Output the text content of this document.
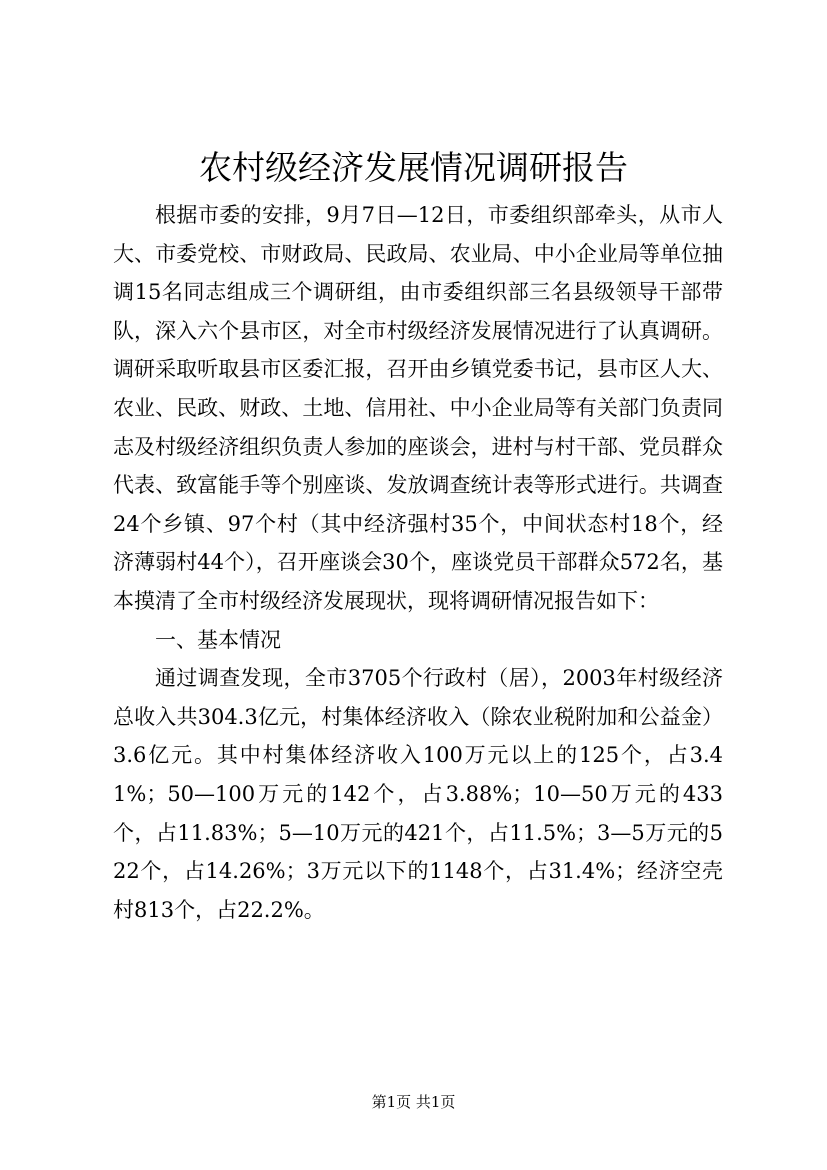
农村级经济发展情况调研报告

根据市委的安排，9月7日—12日，市委组织部牵头，从市人大、市委党校、市财政局、民政局、农业局、中小企业局等单位抽调15名同志组成三个调研组，由市委组织部三名县级领导干部带队，深入六个县市区，对全市村级经济发展情况进行了认真调研。调研采取听取县市区委汇报，召开由乡镇党委书记，县市区人大、农业、民政、财政、土地、信用社、中小企业局等有关部门负责同志及村级经济组织负责人参加的座谈会，进村与村干部、党员群众代表、致富能手等个别座谈、发放调查统计表等形式进行。共调查24个乡镇、97个村（其中经济强村35个，中间状态村18个，经济薄弱村44个），召开座谈会30个，座谈党员干部群众572名，基本摸清了全市村级经济发展现状，现将调研情况报告如下：

一、基本情况

通过调查发现，全市3705个行政村（居），2003年村级经济总收入共304.3亿元，村集体经济收入（除农业税附加和公益金）3.6亿元。其中村集体经济收入100万元以上的125个，占3.41%；50—100万元的142个，占3.88%；10—50万元的433个，占11.83%；5—10万元的421个，占11.5%；3—5万元的522个，占14.26%；3万元以下的1148个，占31.4%；经济空壳村813个，占22.2%。

第1页 共1页
